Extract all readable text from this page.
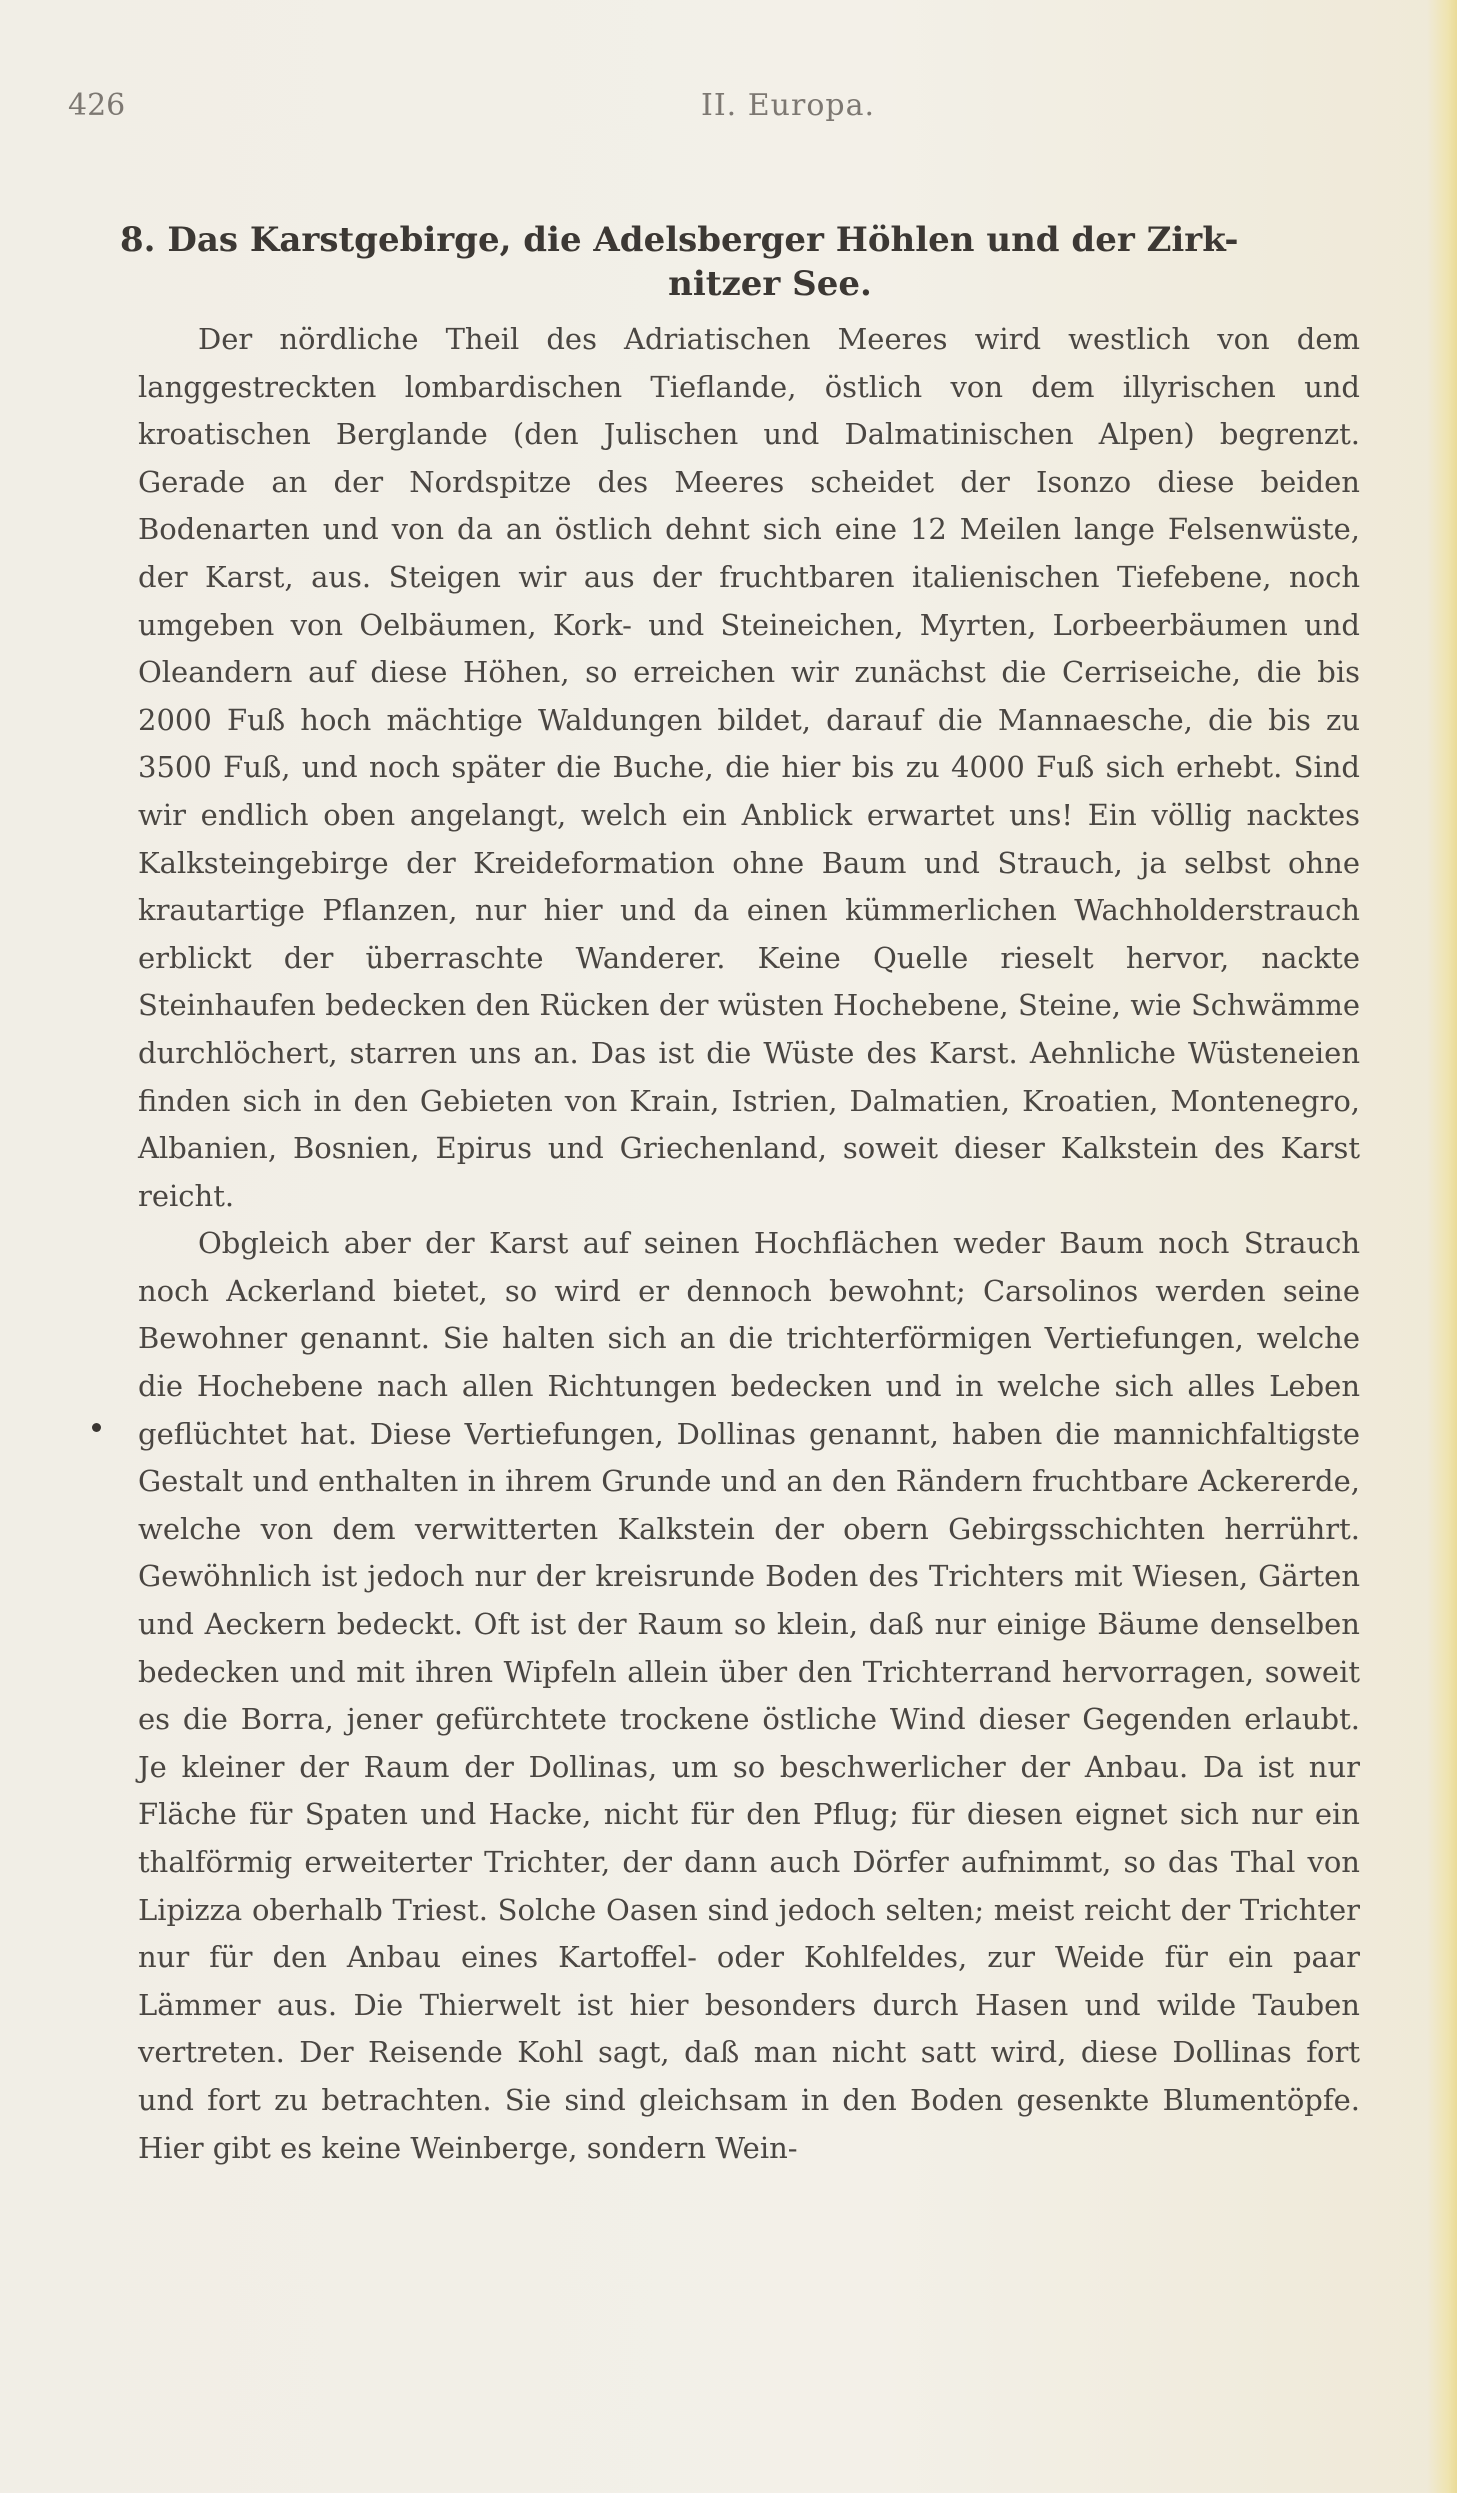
426	II. Europa.
8. Das Karstgebirge, die Adelsberger Höhlen und der Zirk-
nitzer See.

Der nördliche Theil des Adriatischen Meeres wird westlich von dem langgestreckten lombardischen Tieflande, östlich von dem illyrischen und kroatischen Berglande (den Julischen und Dalmatinischen Alpen) begrenzt. Gerade an der Nordspitze des Meeres scheidet der Isonzo diese beiden Bodenarten und von da an östlich dehnt sich eine 12 Meilen lange Felsenwüste, der Karst, aus. Steigen wir aus der fruchtbaren italienischen Tiefebene, noch umgeben von Oelbäumen, Kork- und Steineichen, Myrten, Lorbeerbäumen und Oleandern auf diese Höhen, so erreichen wir zunächst die Cerriseiche, die bis 2000 Fuß hoch mächtige Waldungen bildet, darauf die Mannaesche, die bis zu 3500 Fuß, und noch später die Buche, die hier bis zu 4000 Fuß sich erhebt. Sind wir endlich oben angelangt, welch ein Anblick erwartet uns! Ein völlig nacktes Kalksteingebirge der Kreideformation ohne Baum und Strauch, ja selbst ohne krautartige Pflanzen, nur hier und da einen kümmerlichen Wachholderstrauch erblickt der überraschte Wanderer. Keine Quelle rieselt hervor, nackte Steinhaufen bedecken den Rücken der wüsten Hochebene, Steine, wie Schwämme durchlöchert, starren uns an. Das ist die Wüste des Karst. Aehnliche Wüsteneien finden sich in den Gebieten von Krain, Istrien, Dalmatien, Kroatien, Montenegro, Albanien, Bosnien, Epirus und Griechenland, soweit dieser Kalkstein des Karst reicht.

Obgleich aber der Karst auf seinen Hochflächen weder Baum noch Strauch noch Ackerland bietet, so wird er dennoch bewohnt; Carsolinos werden seine Bewohner genannt. Sie halten sich an die trichterförmigen Vertiefungen, welche die Hochebene nach allen Richtungen bedecken und in welche sich alles Leben geflüchtet hat. Diese Vertiefungen, Dollinas genannt, haben die mannichfaltigste Gestalt und enthalten in ihrem Grunde und an den Rändern fruchtbare Ackererde, welche von dem verwitterten Kalkstein der obern Gebirgsschichten herrührt. Gewöhnlich ist jedoch nur der kreisrunde Boden des Trichters mit Wiesen, Gärten und Aeckern bedeckt. Oft ist der Raum so klein, daß nur einige Bäume denselben bedecken und mit ihren Wipfeln allein über den Trichterrand hervorragen, soweit es die Borra, jener gefürchtete trockene östliche Wind dieser Gegenden erlaubt. Je kleiner der Raum der Dollinas, um so beschwerlicher der Anbau. Da ist nur Fläche für Spaten und Hacke, nicht für den Pflug; für diesen eignet sich nur ein thalförmig erweiterter Trichter, der dann auch Dörfer aufnimmt, so das Thal von Lipizza oberhalb Triest. Solche Oasen sind jedoch selten; meist reicht der Trichter nur für den Anbau eines Kartoffel- oder Kohlfeldes, zur Weide für ein paar Lämmer aus. Die Thierwelt ist hier besonders durch Hasen und wilde Tauben vertreten. Der Reisende Kohl sagt, daß man nicht satt wird, diese Dollinas fort und fort zu betrachten. Sie sind gleichsam in den Boden gesenkte Blumentöpfe. Hier gibt es keine Weinberge, sondern Wein-
